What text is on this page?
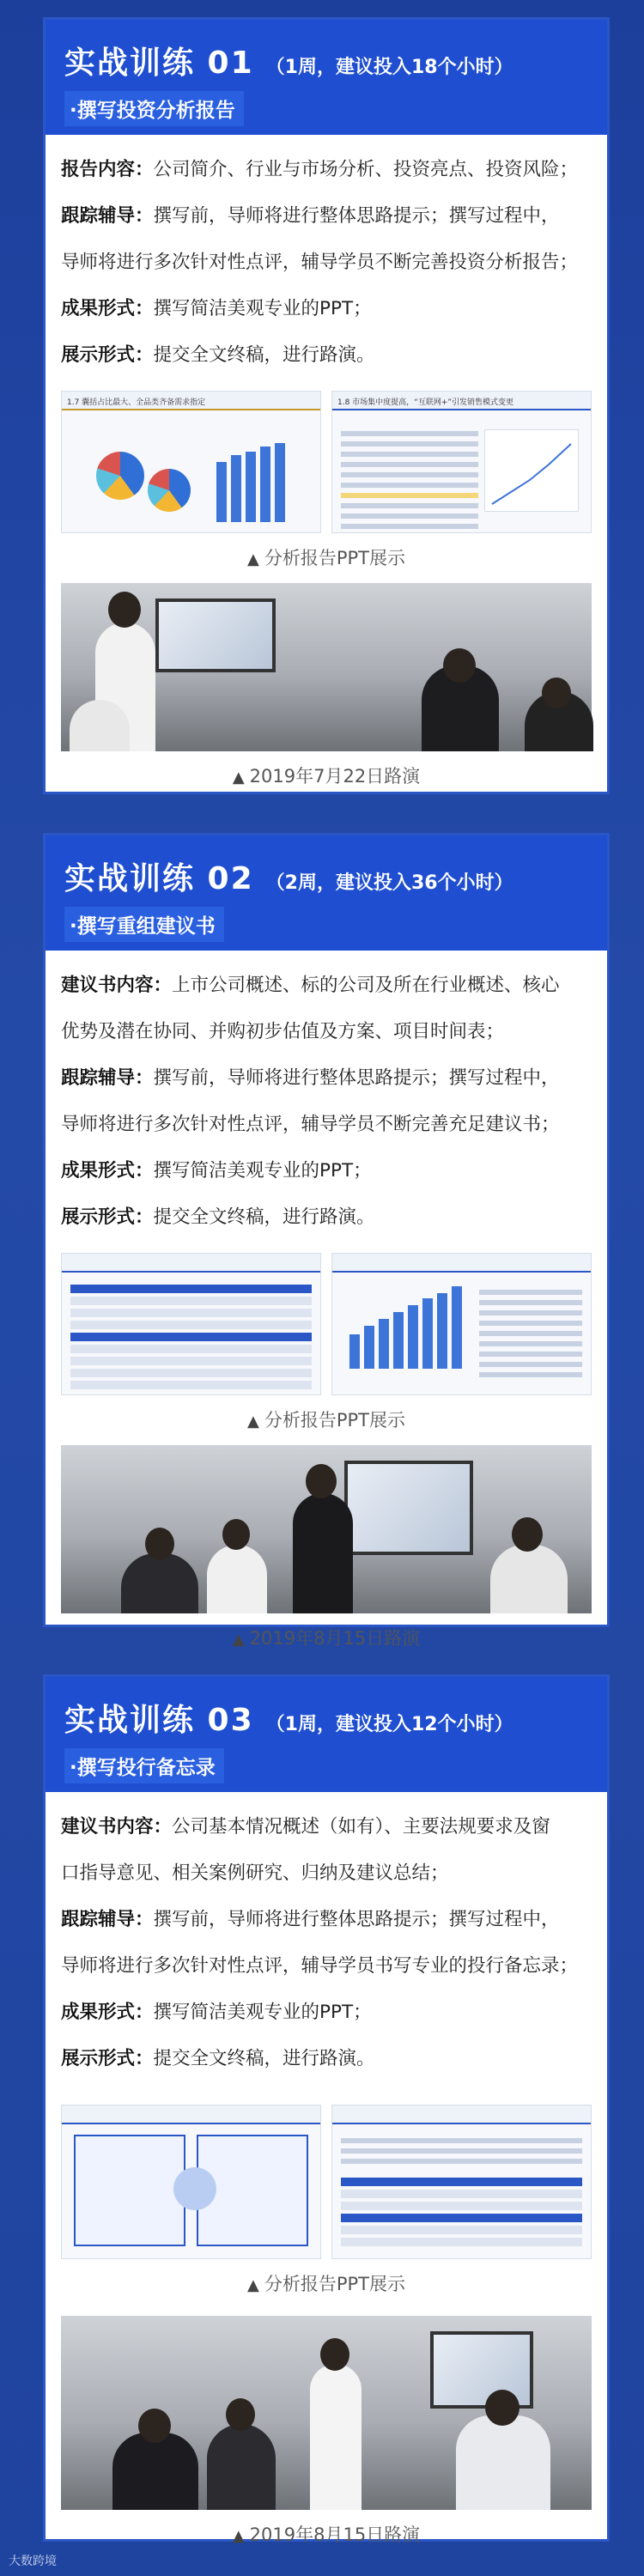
实战训练 01 （1周，建议投入18个小时）
·撰写投资分析报告
报告内容：公司简介、行业与市场分析、投资亮点、投资风险；
跟踪辅导：撰写前，导师将进行整体思路提示；撰写过程中，
导师将进行多次针对性点评，辅导学员不断完善投资分析报告；
成果形式：撰写简洁美观专业的PPT；
展示形式：提交全文终稿，进行路演。
1.7 囊括占比最大、全品类齐备需求指定	1.8 市场集中度提高，“互联网+”引发销售模式变更
▲ 分析报告PPT展示
▲ 2019年7月22日路演
实战训练 02 （2周，建议投入36个小时）
·撰写重组建议书
建议书内容：上市公司概述、标的公司及所在行业概述、核心
优势及潜在协同、并购初步估值及方案、项目时间表；
跟踪辅导：撰写前，导师将进行整体思路提示；撰写过程中，
导师将进行多次针对性点评，辅导学员不断完善充足建议书；
成果形式：撰写简洁美观专业的PPT；
展示形式：提交全文终稿，进行路演。
▲ 分析报告PPT展示
▲ 2019年8月15日路演
实战训练 03 （1周，建议投入12个小时）
·撰写投行备忘录
建议书内容：公司基本情况概述（如有）、主要法规要求及窗
口指导意见、相关案例研究、归纳及建议总结；
跟踪辅导：撰写前，导师将进行整体思路提示；撰写过程中，
导师将进行多次针对性点评，辅导学员书写专业的投行备忘录；
成果形式：撰写简洁美观专业的PPT；
展示形式：提交全文终稿，进行路演。
▲ 分析报告PPT展示
▲ 2019年8月15日路演
大数跨境
